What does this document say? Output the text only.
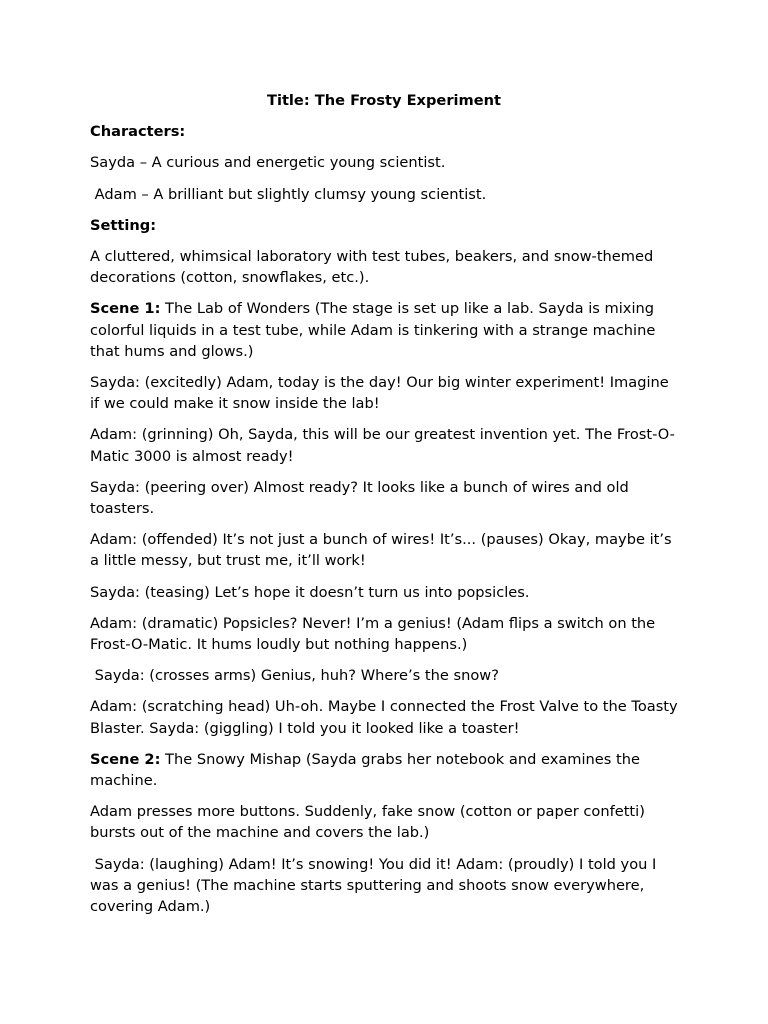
Title: The Frosty Experiment

Characters:

Sayda – A curious and energetic young scientist.

Adam – A brilliant but slightly clumsy young scientist.

Setting:

A cluttered, whimsical laboratory with test tubes, beakers, and snow-themed decorations (cotton, snowflakes, etc.).

Scene 1: The Lab of Wonders (The stage is set up like a lab. Sayda is mixing colorful liquids in a test tube, while Adam is tinkering with a strange machine that hums and glows.)

Sayda: (excitedly) Adam, today is the day! Our big winter experiment! Imagine if we could make it snow inside the lab!

Adam: (grinning) Oh, Sayda, this will be our greatest invention yet. The Frost-O-Matic 3000 is almost ready!

Sayda: (peering over) Almost ready? It looks like a bunch of wires and old toasters.

Adam: (offended) It’s not just a bunch of wires! It’s... (pauses) Okay, maybe it’s a little messy, but trust me, it’ll work!

Sayda: (teasing) Let’s hope it doesn’t turn us into popsicles.

Adam: (dramatic) Popsicles? Never! I’m a genius! (Adam flips a switch on the Frost-O-Matic. It hums loudly but nothing happens.)

Sayda: (crosses arms) Genius, huh? Where’s the snow?

Adam: (scratching head) Uh-oh. Maybe I connected the Frost Valve to the Toasty Blaster. Sayda: (giggling) I told you it looked like a toaster!

Scene 2: The Snowy Mishap (Sayda grabs her notebook and examines the machine.

Adam presses more buttons. Suddenly, fake snow (cotton or paper confetti) bursts out of the machine and covers the lab.)

Sayda: (laughing) Adam! It’s snowing! You did it! Adam: (proudly) I told you I was a genius! (The machine starts sputtering and shoots snow everywhere, covering Adam.)
